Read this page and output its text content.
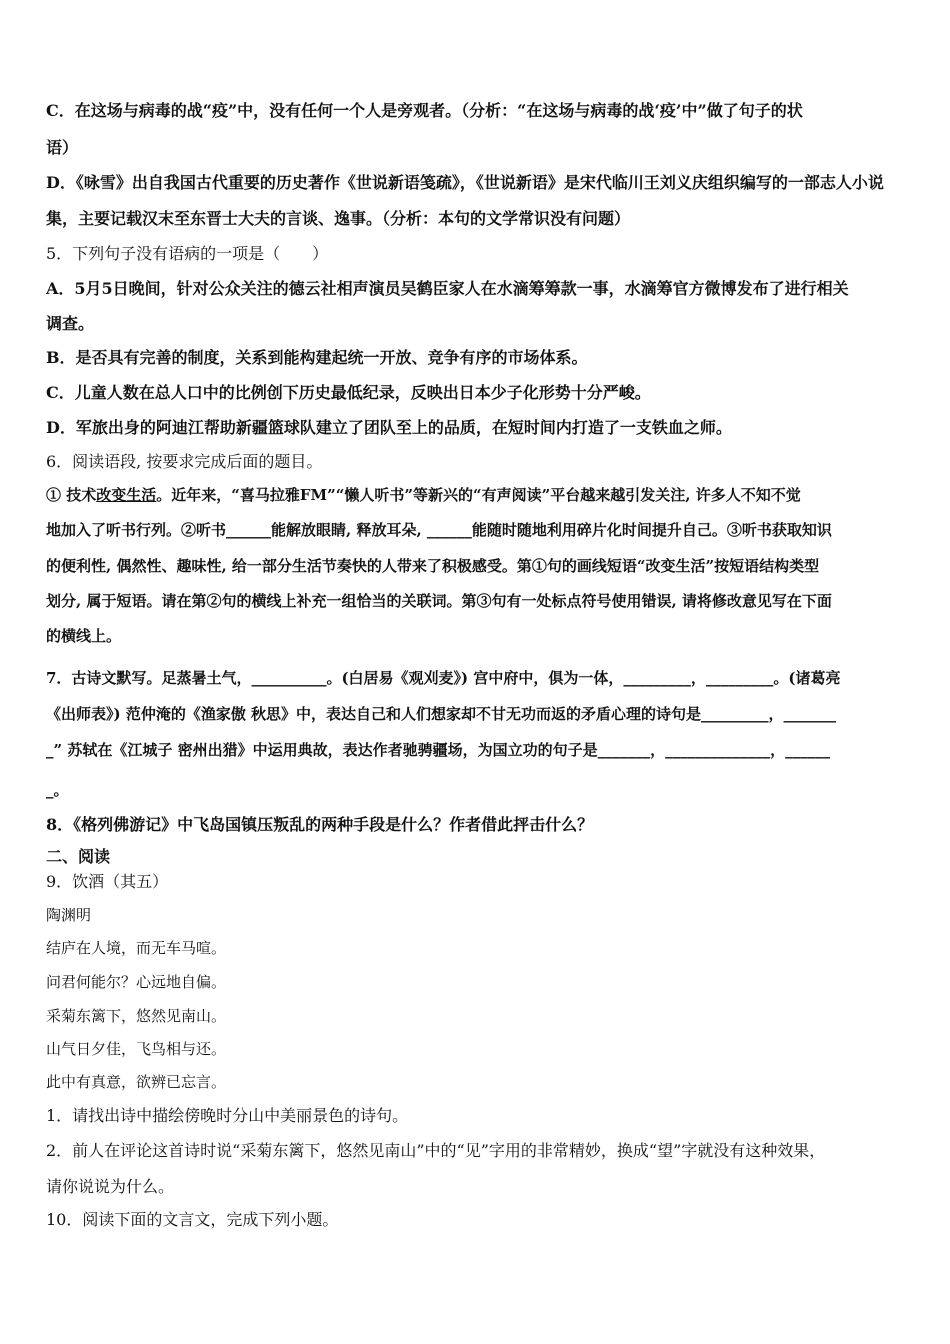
C．在这场与病毒的战“疫”中，没有任何一个人是旁观者。（分析：“在这场与病毒的战‘疫’中”做了句子的状
语）
D．《咏雪》出自我国古代重要的历史著作《世说新语笺疏》，《世说新语》是宋代临川王刘义庆组织编写的一部志人小说
集，主要记载汉末至东晋士大夫的言谈、逸事。（分析：本句的文学常识没有问题）
5．下列句子没有语病的一项是（　　）
A．5月5日晚间，针对公众关注的德云社相声演员吴鹤臣家人在水滴筹筹款一事，水滴筹官方微博发布了进行相关
调查。
B．是否具有完善的制度，关系到能构建起统一开放、竞争有序的市场体系。
C．儿童人数在总人口中的比例创下历史最低纪录，反映出日本少子化形势十分严峻。
D．军旅出身的阿迪江帮助新疆篮球队建立了团队至上的品质，在短时间内打造了一支铁血之师。
6．阅读语段, 按要求完成后面的题目。
① 技术改变生活。近年来，“喜马拉雅FM”“懒人听书”等新兴的“有声阅读”平台越来越引发关注, 许多人不知不觉
地加入了听书行列。②听书______能解放眼睛, 释放耳朵, ______能随时随地利用碎片化时间提升自己。③听书获取知识
的便利性, 偶然性、趣味性, 给一部分生活节奏快的人带来了积极感受。第①句的画线短语“改变生活”按短语结构类型
划分, 属于短语。请在第②句的横线上补充一组恰当的关联词。第③句有一处标点符号使用错误, 请将修改意见写在下面
的横线上。
7．古诗文默写。足蒸暑土气，__________。(白居易《观刈麦》) 宫中府中，俱为一体，_________，_________。(诸葛亮
《出师表》) 范仲淹的《渔家傲 秋思》中，表达自己和人们想家却不甘无功而返的矛盾心理的诗句是_________，_______
_” 苏轼在《江城子 密州出猎》中运用典故，表达作者驰骋疆场，为国立功的句子是_______，______________，______
_。
8．《格列佛游记》中飞岛国镇压叛乱的两种手段是什么？作者借此抨击什么？
二、阅读
9．饮酒（其五）
陶渊明
结庐在人境，而无车马喧。
问君何能尔？心远地自偏。
采菊东篱下，悠然见南山。
山气日夕佳，飞鸟相与还。
此中有真意，欲辨已忘言。
1．请找出诗中描绘傍晚时分山中美丽景色的诗句。
2．前人在评论这首诗时说“采菊东篱下，悠然见南山”中的“见”字用的非常精妙，换成“望”字就没有这种效果，
请你说说为什么。
10．阅读下面的文言文，完成下列小题。
